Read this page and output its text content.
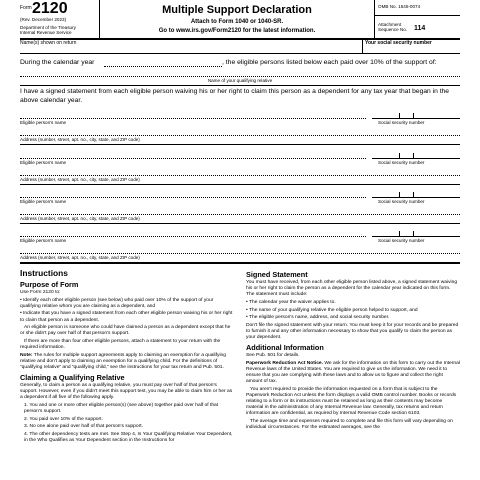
Form 2120
(Rev. December 2023)
Department of the Treasury
Internal Revenue Service
Multiple Support Declaration
Attach to Form 1040 or 1040-SR.
Go to www.irs.gov/Form2120 for the latest information.
OMB No. 1545-0074
Attachment
Sequence No. 114
Name(s) shown on return	Your social security number
During the calendar year	, the eligible persons listed below each paid over 10% of the support of:
Name of your qualifying relative
I have a signed statement from each eligible person waiving his or her right to claim this person as a dependent for any tax year that began in the above calendar year.
Eligible person's name	Social security number
Address (number, street, apt. no., city, state, and ZIP code)
Eligible person's name	Social security number
Address (number, street, apt. no., city, state, and ZIP code)
Eligible person's name	Social security number
Address (number, street, apt. no., city, state, and ZIP code)
Eligible person's name	Social security number
Address (number, street, apt. no., city, state, and ZIP code)
Instructions
Purpose of Form

Use Form 2120 to:

• Identify each other eligible person (see below) who paid over 10% of the support of your qualifying relative whom you are claiming as a dependent, and

• Indicate that you have a signed statement from each other eligible person waiving his or her right to claim that person as a dependent.

An eligible person is someone who could have claimed a person as a dependent except that he or she didn't pay over half of that person's support.

If there are more than four other eligible persons, attach a statement to your return with the required information.

Note: The rules for multiple support agreements apply to claiming an exemption for a qualifying relative and don't apply to claiming an exemption for a qualifying child. For the definitions of “qualifying relative” and “qualifying child,” see the instructions for your tax return and Pub. 501.

Claiming a Qualifying Relative

Generally, to claim a person as a qualifying relative, you must pay over half of that person's support. However, even if you didn't meet this support test, you may be able to claim him or her as a dependent if all five of the following apply.

1. You and one or more other eligible person(s) (see above) together paid over half of that person's support.

2. You paid over 10% of the support.

3. No one alone paid over half of that person's support.

4. The other dependency tests are met. See Step 4, Is Your Qualifying Relative Your Dependent, in the Who Qualifies as Your Dependent section in the Instructions for

Signed Statement

You must have received, from each other eligible person listed above, a signed statement waiving his or her right to claim the person as a dependent for the calendar year indicated on this form. The statement must include:

• The calendar year the waiver applies to.

• The name of your qualifying relative the eligible person helped to support, and

• The eligible person's name, address, and social security number.

Don't file the signed statement with your return. You must keep it for your records and be prepared to furnish it and any other information necessary to show that you qualify to claim the person as your dependent.

Additional Information

See Pub. 501 for details.

Paperwork Reduction Act Notice. We ask for the information on this form to carry out the Internal Revenue laws of the United States. You are required to give us the information. We need it to ensure that you are complying with these laws and to allow us to figure and collect the right amount of tax.

You aren't required to provide the information requested on a form that is subject to the Paperwork Reduction Act unless the form displays a valid OMB control number. Books or records relating to a form or its instructions must be retained as long as their contents may become material in the administration of any Internal Revenue law. Generally, tax returns and return information are confidential, as required by Internal Revenue Code section 6103.

The average time and expenses required to complete and file this form will vary depending on individual circumstances. For the estimated averages, see the
